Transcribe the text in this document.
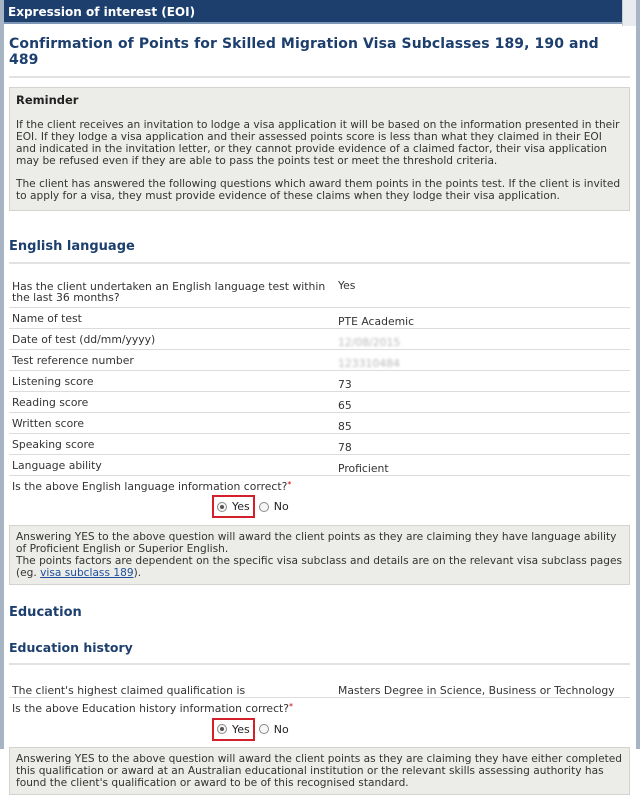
Expression of interest (EOI)
Confirmation of Points for Skilled Migration Visa Subclasses 189, 190 and 489
Reminder

If the client receives an invitation to lodge a visa application it will be based on the information presented in their EOI. If they lodge a visa application and their assessed points score is less than what they claimed in their EOI and indicated in the invitation letter, or they cannot provide evidence of a claimed factor, their visa application may be refused even if they are able to pass the points test or meet the threshold criteria.

The client has answered the following questions which award them points in the points test. If the client is invited to apply for a visa, they must provide evidence of these claims when they lodge their visa application.

English language
Has the client undertaken an English language test within the last 36 months?	Yes
Name of test	PTE Academic
Date of test (dd/mm/yyyy)	12/08/2015
Test reference number	123310484
Listening score	73
Reading score	65
Written score	85
Speaking score	78
Language ability	Proficient
Is the above English language information correct?*
Yes No
Answering YES to the above question will award the client points as they are claiming they have language ability of Proficient English or Superior English.
The points factors are dependent on the specific visa subclass and details are on the relevant visa subclass pages (eg. visa subclass 189).
Education
Education history
The client's highest claimed qualification is	Masters Degree in Science, Business or Technology
Is the above Education history information correct?*
Yes No
Answering YES to the above question will award the client points as they are claiming they have either completed this qualification or award at an Australian educational institution or the relevant skills assessing authority has found the client's qualification or award to be of this recognised standard.
